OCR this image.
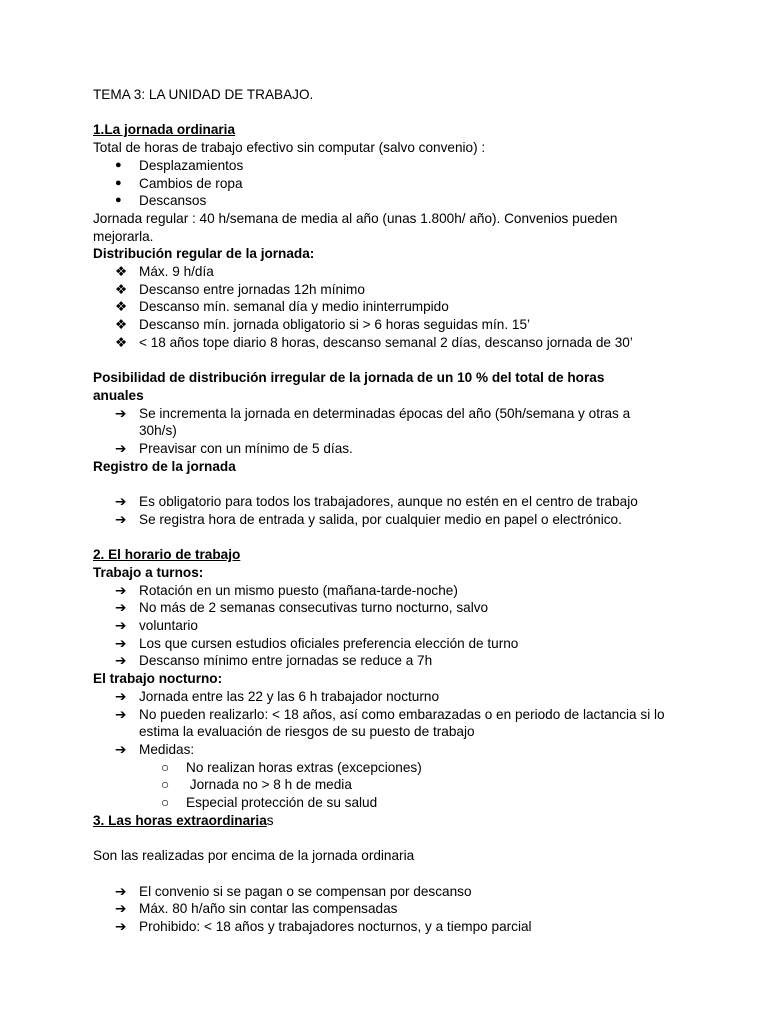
TEMA 3: LA UNIDAD DE TRABAJO.
1.La jornada ordinaria
Total de horas de trabajo efectivo sin computar (salvo convenio) :
●	Desplazamientos
●	Cambios de ropa
●	Descansos
Jornada regular : 40 h/semana de media al año (unas 1.800h/ año). Convenios pueden
mejorarla.
Distribución regular de la jornada:
❖ Máx. 9 h/día
❖ Descanso entre jornadas 12h mínimo
❖ Descanso mín. semanal día y medio ininterrumpido
❖ Descanso mín. jornada obligatorio si > 6 horas seguidas mín. 15’
❖ < 18 años tope diario 8 horas, descanso semanal 2 días, descanso jornada de 30’
Posibilidad de distribución irregular de la jornada de un 10 % del total de horas
anuales
➔ Se incrementa la jornada en determinadas épocas del año (50h/semana y otras a 30h/s)
➔ Preavisar con un mínimo de 5 días.
Registro de la jornada
➔ Es obligatorio para todos los trabajadores, aunque no estén en el centro de trabajo
➔ Se registra hora de entrada y salida, por cualquier medio en papel o electrónico.
2. El horario de trabajo
Trabajo a turnos:
➔ Rotación en un mismo puesto (mañana-tarde-noche)
➔ No más de 2 semanas consecutivas turno nocturno, salvo
➔ voluntario
➔ Los que cursen estudios oficiales preferencia elección de turno
➔ Descanso mínimo entre jornadas se reduce a 7h
El trabajo nocturno:
➔ Jornada entre las 22 y las 6 h trabajador nocturno
➔ No pueden realizarlo: < 18 años, así como embarazadas o en periodo de lactancia si lo estima la evaluación de riesgos de su puesto de trabajo
➔ Medidas:
○	No realizan horas extras (excepciones)
○	Jornada no > 8 h de media
○	Especial protección de su salud
3. Las horas extraordinarias
Son las realizadas por encima de la jornada ordinaria
➔ El convenio si se pagan o se compensan por descanso
➔ Máx. 80 h/año sin contar las compensadas
➔ Prohibido: < 18 años y trabajadores nocturnos, y a tiempo parcial
